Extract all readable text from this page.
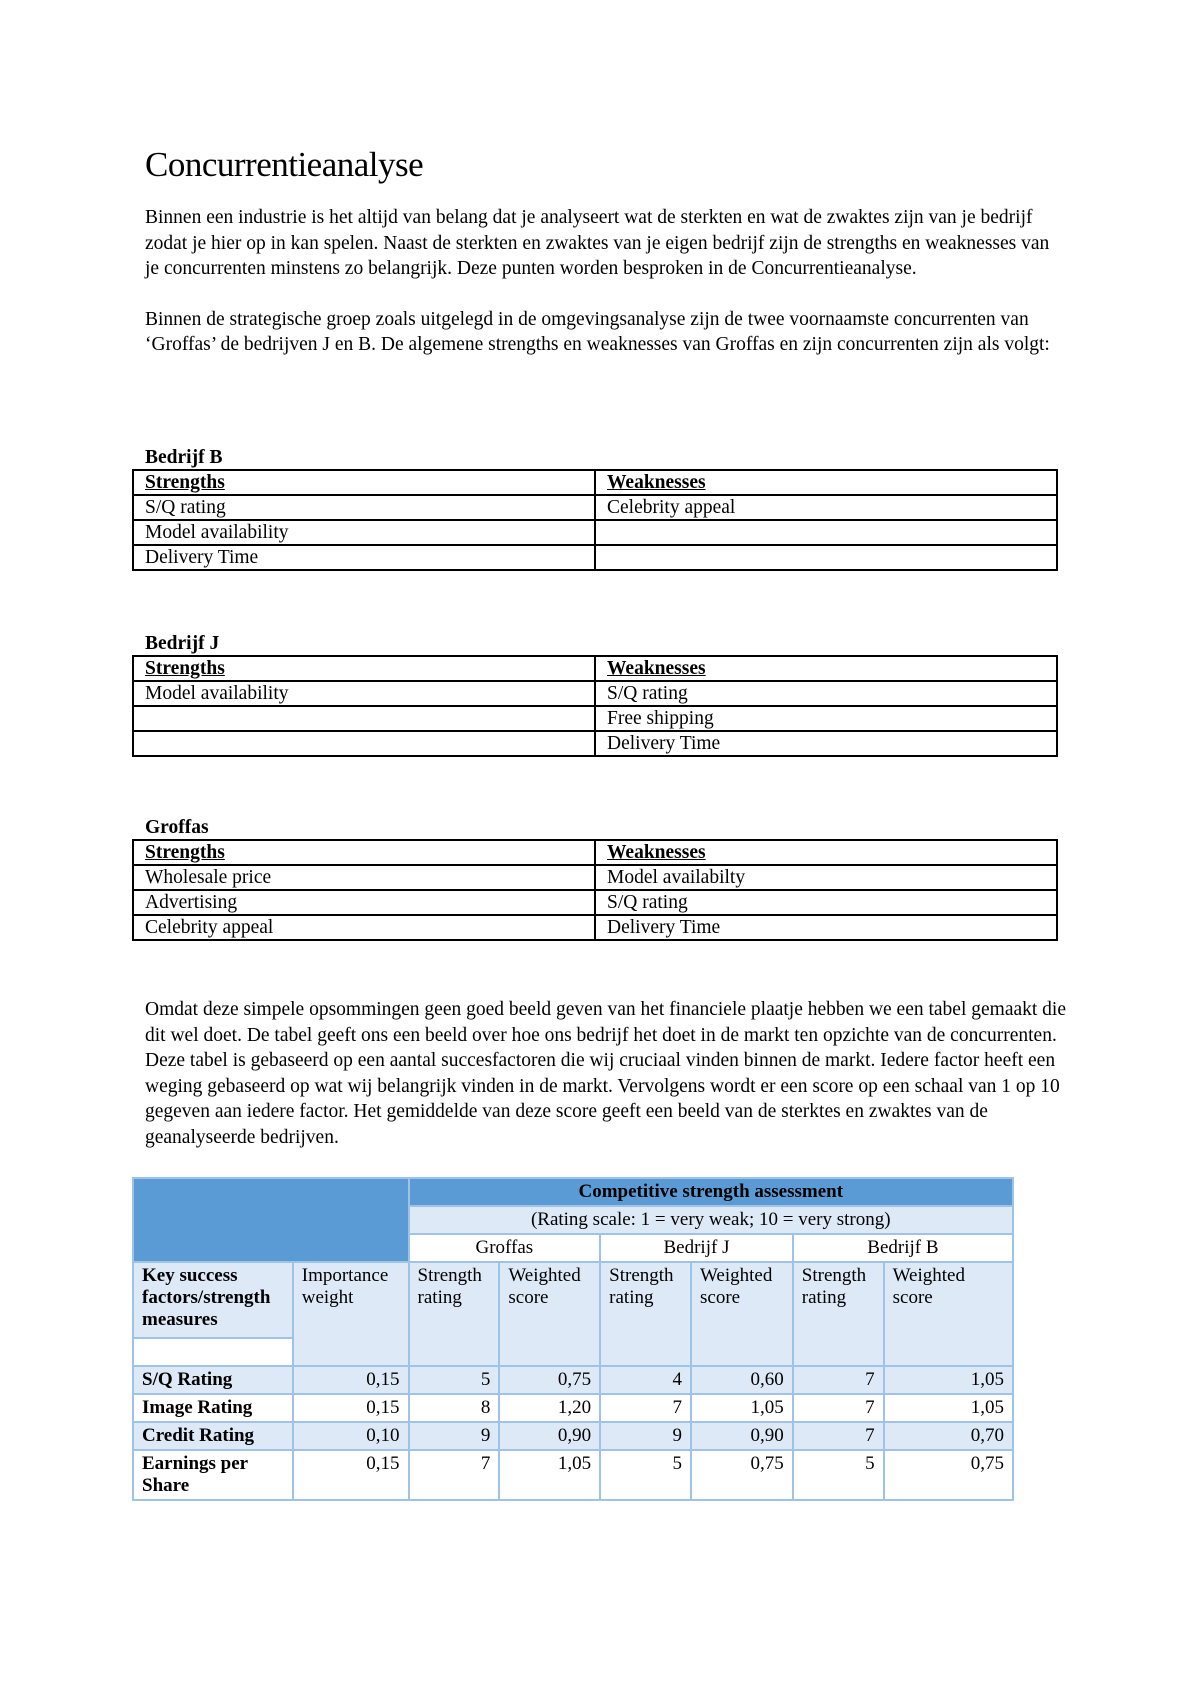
Concurrentieanalyse

Binnen een industrie is het altijd van belang dat je analyseert wat de sterkten en wat de zwaktes zijn van je bedrijf zodat je hier op in kan spelen. Naast de sterkten en zwaktes van je eigen bedrijf zijn de strengths en weaknesses van je concurrenten minstens zo belangrijk. Deze punten worden besproken in de Concurrentieanalyse.

Binnen de strategische groep zoals uitgelegd in de omgevingsanalyse zijn de twee voornaamste concurrenten van ‘Groffas’ de bedrijven J en B. De algemene strengths en weaknesses van Groffas en zijn concurrenten zijn als volgt:

Bedrijf B
Strengths	Weaknesses
S/Q rating	Celebrity appeal
Model availability	
Delivery Time	
Bedrijf J
Strengths	Weaknesses
Model availability	S/Q rating
	Free shipping
	Delivery Time
Groffas
Strengths	Weaknesses
Wholesale price	Model availabilty
Advertising	S/Q rating
Celebrity appeal	Delivery Time

Omdat deze simpele opsommingen geen goed beeld geven van het financiele plaatje hebben we een tabel gemaakt die dit wel doet. De tabel geeft ons een beeld over hoe ons bedrijf het doet in de markt ten opzichte van de concurrenten. Deze tabel is gebaseerd op een aantal succesfactoren die wij cruciaal vinden binnen de markt. Iedere factor heeft een weging gebaseerd op wat wij belangrijk vinden in de markt. Vervolgens wordt er een score op een schaal van 1 op 10 gegeven aan iedere factor. Het gemiddelde van deze score geeft een beeld van de sterktes en zwaktes van de geanalyseerde bedrijven.

		Competitive strength assessment					
		(Rating scale: 1 = very weak; 10 = very strong)					
		Groffas		Bedrijf J		Bedrijf B	
Key success factors/strength measures	Importance weight	Strength rating	Weighted score	Strength rating	Weighted score	Strength rating	Weighted score

S/Q Rating	0,15	5	0,75	4	0,60	7	1,05
Image Rating	0,15	8	1,20	7	1,05	7	1,05
Credit Rating	0,10	9	0,90	9	0,90	7	0,70
Earnings per Share	0,15	7	1,05	5	0,75	5	0,75
